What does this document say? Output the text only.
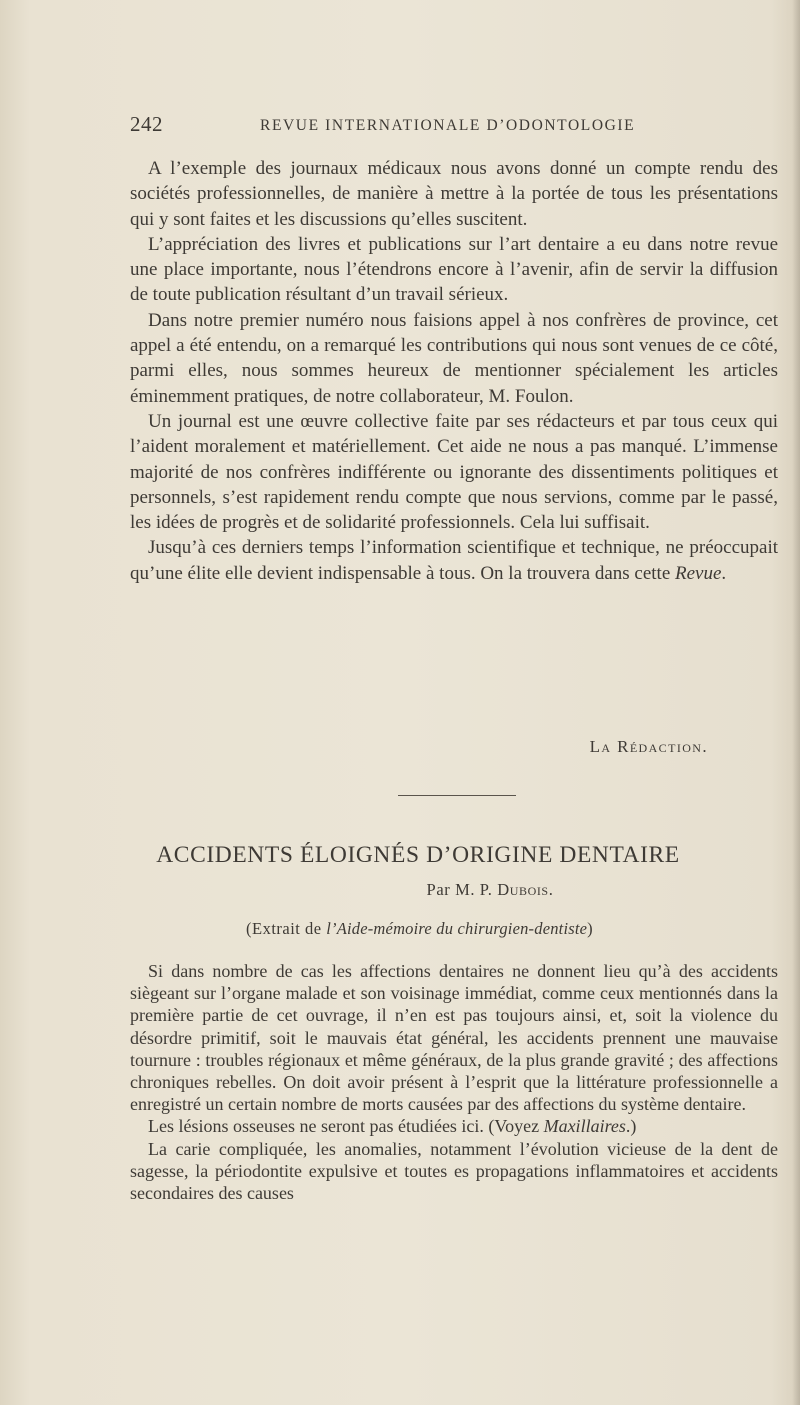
242	REVUE INTERNATIONALE D’ODONTOLOGIE

A l’exemple des journaux médicaux nous avons donné un compte rendu des sociétés professionnelles, de manière à mettre à la portée de tous les présentations qui y sont faites et les discussions qu’elles suscitent.

L’appréciation des livres et publications sur l’art dentaire a eu dans notre revue une place importante, nous l’étendrons encore à l’avenir, afin de servir la diffusion de toute publication résultant d’un travail sérieux.

Dans notre premier numéro nous faisions appel à nos confrères de province, cet appel a été entendu, on a remarqué les contributions qui nous sont venues de ce côté, parmi elles, nous sommes heureux de mentionner spécialement les articles éminemment pratiques, de notre collaborateur, M. Foulon.

Un journal est une œuvre collective faite par ses rédacteurs et par tous ceux qui l’aident moralement et matériellement. Cet aide ne nous a pas manqué. L’immense majorité de nos confrères indifférente ou ignorante des dissentiments politiques et personnels, s’est rapidement rendu compte que nous servions, comme par le passé, les idées de progrès et de solidarité professionnels. Cela lui suffisait.

Jusqu’à ces derniers temps l’information scientifique et technique, ne préoccupait qu’une élite elle devient indispensable à tous. On la trouvera dans cette Revue.

La Rédaction.
ACCIDENTS ÉLOIGNÉS D’ORIGINE DENTAIRE
Par M. P. Dubois.
(Extrait de l’Aide-mémoire du chirurgien-dentiste)

Si dans nombre de cas les affections dentaires ne donnent lieu qu’à des accidents siègeant sur l’organe malade et son voisinage immédiat, comme ceux mentionnés dans la première partie de cet ouvrage, il n’en est pas toujours ainsi, et, soit la violence du désordre primitif, soit le mauvais état général, les accidents prennent une mauvaise tournure : troubles régionaux et même généraux, de la plus grande gravité ; des affections chroniques rebelles. On doit avoir présent à l’esprit que la littérature professionnelle a enregistré un certain nombre de morts causées par des affections du système dentaire.

Les lésions osseuses ne seront pas étudiées ici. (Voyez Maxillaires.)

La carie compliquée, les anomalies, notamment l’évolution vicieuse de la dent de sagesse, la périodontite expulsive et toutes es propagations inflammatoires et accidents secondaires des causes
